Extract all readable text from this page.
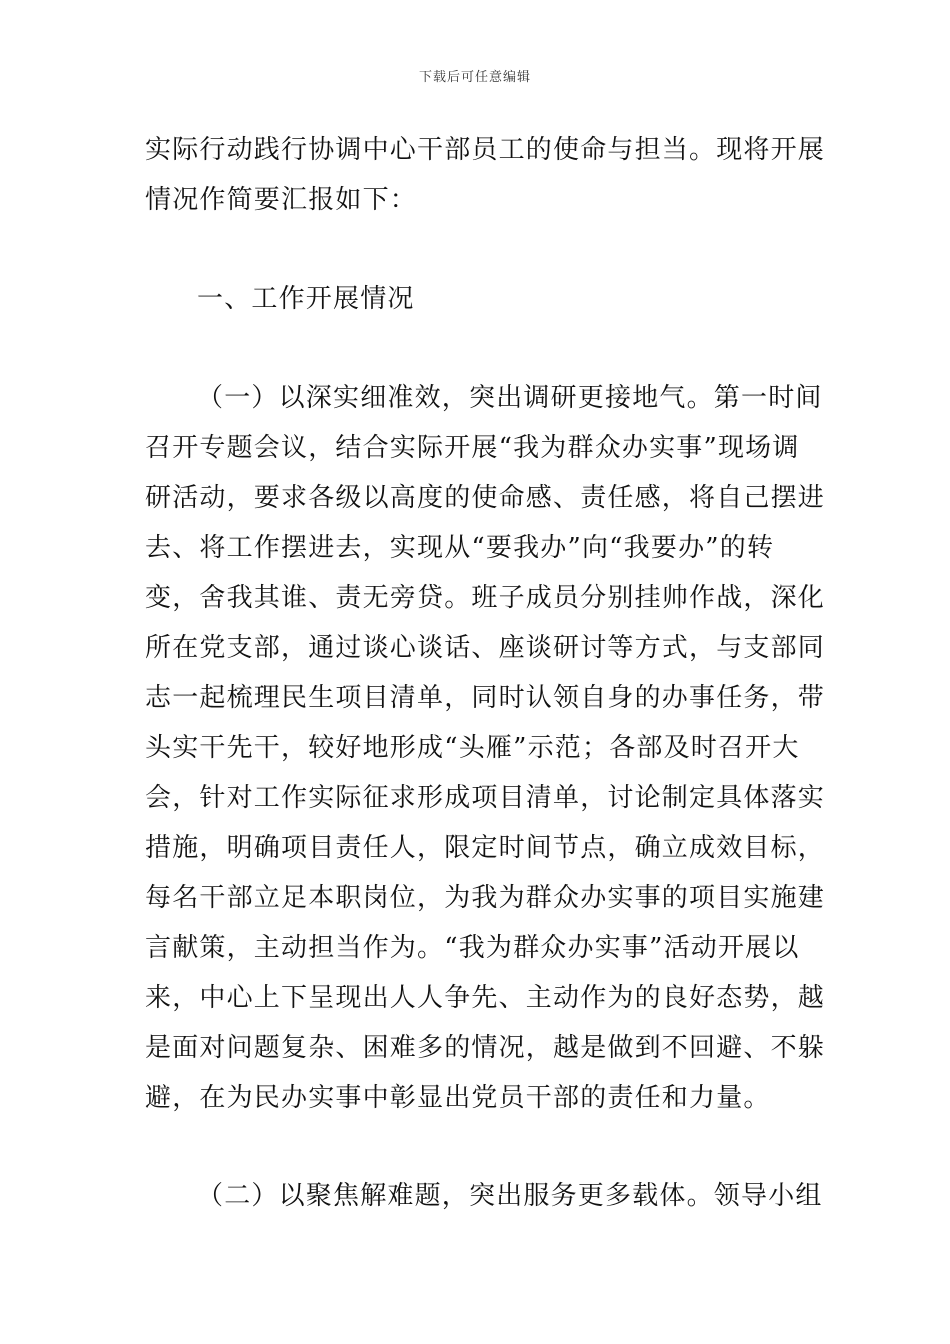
下载后可任意编辑
实际行动践行协调中心干部员工的使命与担当。现将开展
情况作简要汇报如下：
一、工作开展情况
（一）以深实细准效，突出调研更接地气。第一时间
召开专题会议，结合实际开展“我为群众办实事”现场调
研活动，要求各级以高度的使命感、责任感，将自己摆进
去、将工作摆进去，实现从“要我办”向“我要办”的转
变，舍我其谁、责无旁贷。班子成员分别挂帅作战，深化
所在党支部，通过谈心谈话、座谈研讨等方式，与支部同
志一起梳理民生项目清单，同时认领自身的办事任务，带
头实干先干，较好地形成“头雁”示范；各部及时召开大
会，针对工作实际征求形成项目清单，讨论制定具体落实
措施，明确项目责任人，限定时间节点，确立成效目标，
每名干部立足本职岗位，为我为群众办实事的项目实施建
言献策，主动担当作为。“我为群众办实事”活动开展以
来，中心上下呈现出人人争先、主动作为的良好态势，越
是面对问题复杂、困难多的情况，越是做到不回避、不躲
避，在为民办实事中彰显出党员干部的责任和力量。
（二）以聚焦解难题，突出服务更多载体。领导小组
